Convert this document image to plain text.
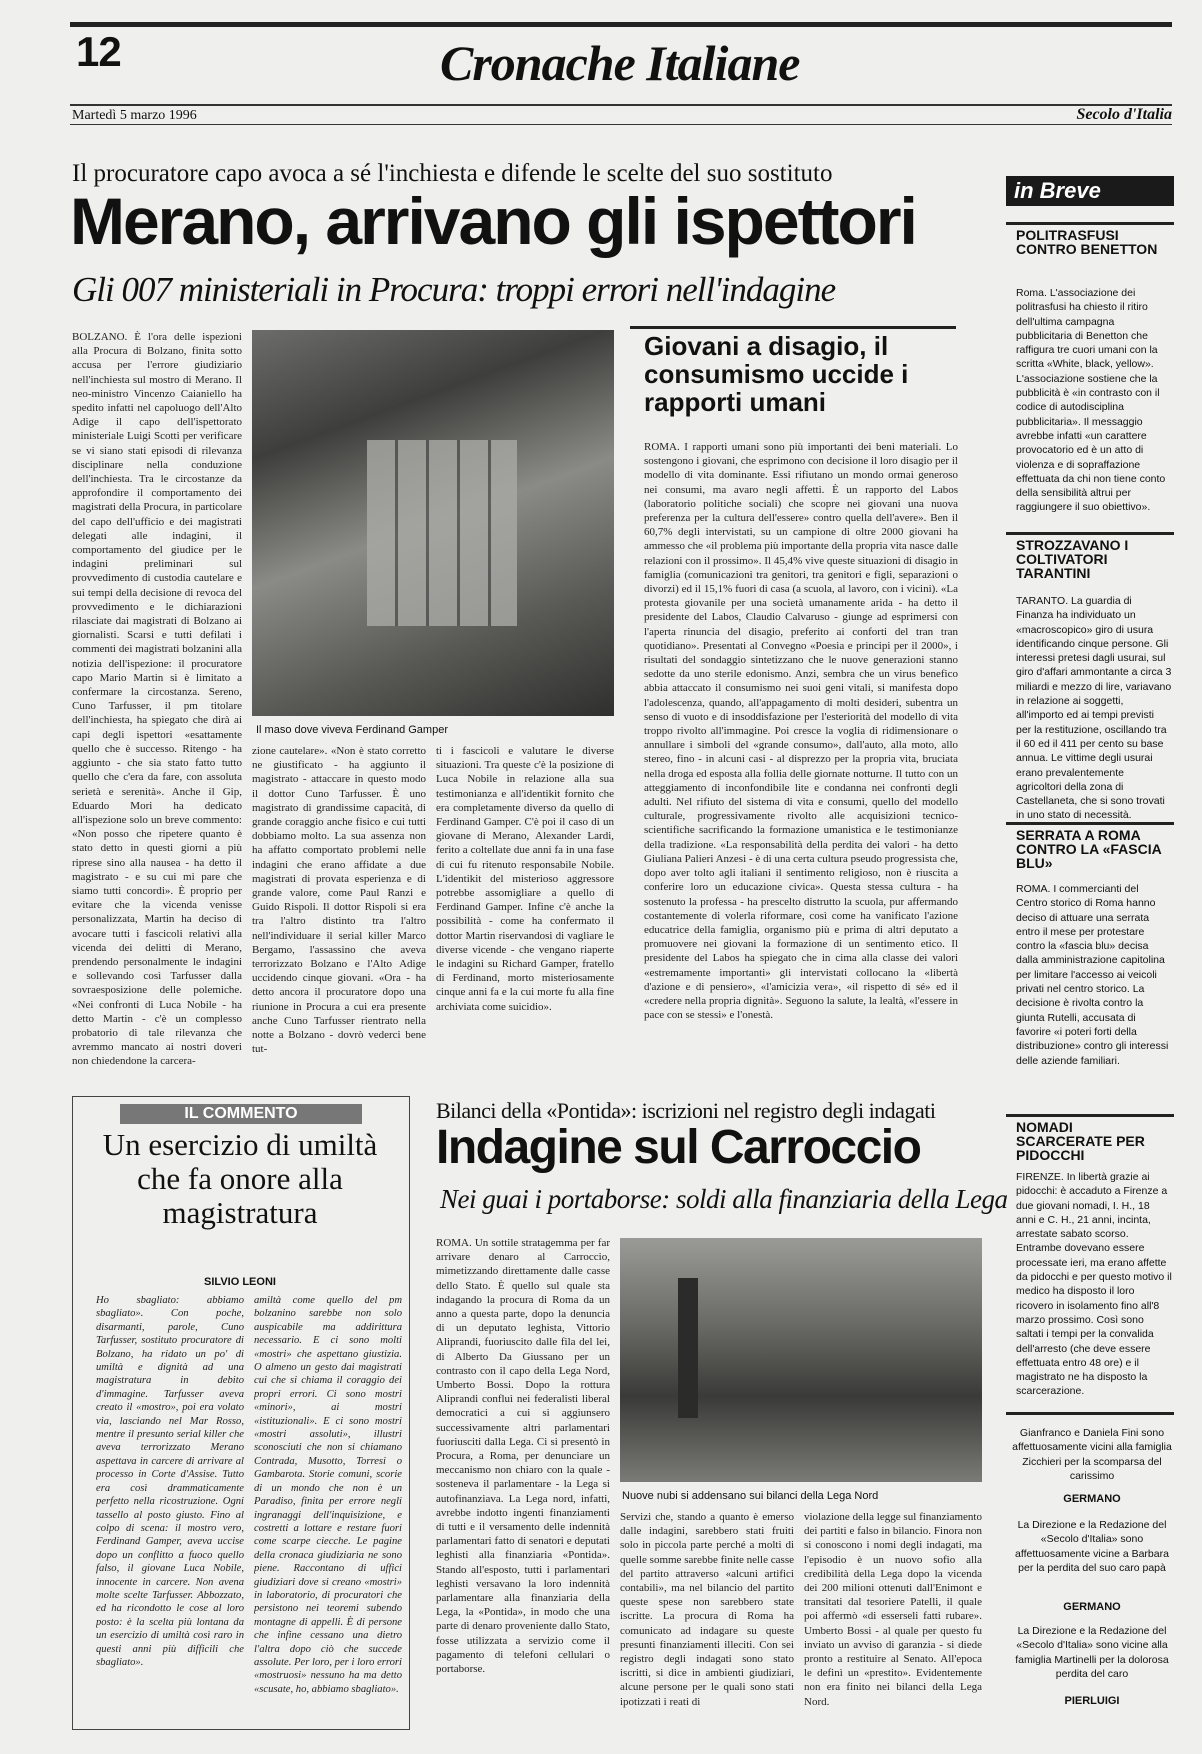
12	Cronache Italiane
Martedì 5 marzo 1996	Secolo d'Italia
Il procuratore capo avoca a sé l'inchiesta e difende le scelte del suo sostituto
Merano, arrivano gli ispettori
Gli 007 ministeriali in Procura: troppi errori nell'indagine
BOLZANO. È l'ora delle ispezioni alla Procura di Bolzano, finita sotto accusa per l'errore giudiziario nell'inchiesta sul mostro di Merano. Il neo-ministro Vincenzo Caianiello ha spedito infatti nel capoluogo dell'Alto Adige il capo dell'ispettorato ministeriale Luigi Scotti per verificare se vi siano stati episodi di rilevanza disciplinare nella conduzione dell'inchiesta. Tra le circostanze da approfondire il comportamento dei magistrati della Procura, in particolare del capo dell'ufficio e dei magistrati delegati alle indagini, il comportamento del giudice per le indagini preliminari sul provvedimento di custodia cautelare e sui tempi della decisione di revoca del provvedimento e le dichiarazioni rilasciate dai magistrati di Bolzano ai giornalisti. Scarsi e tutti defilati i commenti dei magistrati bolzanini alla notizia dell'ispezione: il procuratore capo Mario Martin si è limitato a confermare la circostanza. Sereno, Cuno Tarfusser, il pm titolare dell'inchiesta, ha spiegato che dirà ai capi degli ispettori «esattamente quello che è successo. Ritengo - ha aggiunto - che sia stato fatto tutto quello che c'era da fare, con assoluta serietà e serenità». Anche il Gip, Eduardo Mori ha dedicato all'ispezione solo un breve commento: «Non posso che ripetere quanto è stato detto in questi giorni a più riprese sino alla nausea - ha detto il magistrato - e su cui mi pare che siamo tutti concordi». È proprio per evitare che la vicenda venisse personalizzata, Martin ha deciso di avocare tutti i fascicoli relativi alla vicenda dei delitti di Merano, prendendo personalmente le indagini e sollevando così Tarfusser dalla sovraesposizione delle polemiche. «Nei confronti di Luca Nobile - ha detto Martin - c'è un complesso probatorio di tale rilevanza che avremmo mancato ai nostri doveri non chiedendone la carcera-
Il maso dove viveva Ferdinand Gamper
zione cautelare». «Non è stato corretto ne giustificato - ha aggiunto il magistrato - attaccare in questo modo il dottor Cuno Tarfusser. È uno magistrato di grandissime capacità, di grande coraggio anche fisico e cui tutti dobbiamo molto. La sua assenza non ha affatto comportato problemi nelle indagini che erano affidate a due magistrati di provata esperienza e di grande valore, come Paul Ranzi e Guido Rispoli. Il dottor Rispoli si era tra l'altro distinto tra l'altro nell'individuare il serial killer Marco Bergamo, l'assassino che aveva terrorizzato Bolzano e l'Alto Adige uccidendo cinque giovani. «Ora - ha detto ancora il procuratore dopo una riunione in Procura a cui era presente anche Cuno Tarfusser rientrato nella notte a Bolzano - dovrò vederci bene tut-
ti i fascicoli e valutare le diverse situazioni. Tra queste c'è la posizione di Luca Nobile in relazione alla sua testimonianza e all'identikit fornito che era completamente diverso da quello di Ferdinand Gamper. C'è poi il caso di un giovane di Merano, Alexander Lardi, ferito a coltellate due anni fa in una fase di cui fu ritenuto responsabile Nobile. L'identikit del misterioso aggressore potrebbe assomigliare a quello di Ferdinand Gamper. Infine c'è anche la possibilità - come ha confermato il dottor Martin riservandosi di vagliare le diverse vicende - che vengano riaperte le indagini su Richard Gamper, fratello di Ferdinand, morto misteriosamente cinque anni fa e la cui morte fu alla fine archiviata come suicidio».
Giovani a disagio, il consumismo uccide i rapporti umani
ROMA. I rapporti umani sono più importanti dei beni materiali. Lo sostengono i giovani, che esprimono con decisione il loro disagio per il modello di vita dominante. Essi rifiutano un mondo ormai generoso nei consumi, ma avaro negli affetti. È un rapporto del Labos (laboratorio politiche sociali) che scopre nei giovani una nuova preferenza per la cultura dell'essere» contro quella dell'avere». Ben il 60,7% degli intervistati, su un campione di oltre 2000 giovani ha ammesso che «il problema più importante della propria vita nasce dalle relazioni con il prossimo». Il 45,4% vive queste situazioni di disagio in famiglia (comunicazioni tra genitori, tra genitori e figli, separazioni o divorzi) ed il 15,1% fuori di casa (a scuola, al lavoro, con i vicini). «La protesta giovanile per una società umanamente arida - ha detto il presidente del Labos, Claudio Calvaruso - giunge ad esprimersi con l'aperta rinuncia del disagio, preferito ai conforti del tran tran quotidiano». Presentati al Convegno «Poesia e principi per il 2000», i risultati del sondaggio sintetizzano che le nuove generazioni stanno sedotte da uno sterile edonismo. Anzi, sembra che un virus benefico abbia attaccato il consumismo nei suoi geni vitali, si manifesta dopo l'adolescenza, quando, all'appagamento di molti desideri, subentra un senso di vuoto e di insoddisfazione per l'esteriorità del modello di vita troppo rivolto all'immagine. Poi cresce la voglia di ridimensionare o annullare i simboli del «grande consumo», dall'auto, alla moto, allo stereo, fino - in alcuni casi - al disprezzo per la propria vita, bruciata nella droga ed esposta alla follia delle giornate notturne. Il tutto con un atteggiamento di inconfondibile lite e condanna nei confronti degli adulti. Nel rifiuto del sistema di vita e consumi, quello del modello culturale, progressivamente rivolto alle acquisizioni tecnico-scientifiche sacrificando la formazione umanistica e le testimonianze della tradizione. «La responsabilità della perdita dei valori - ha detto Giuliana Palieri Anzesi - è di una certa cultura pseudo progressista che, dopo aver tolto agli italiani il sentimento religioso, non è riuscita a conferire loro un educazione civica». Questa stessa cultura - ha sostenuto la professa - ha prescelto distrutto la scuola, pur affermando costantemente di volerla riformare, così come ha vanificato l'azione educatrice della famiglia, organismo più e prima di altri deputato a promuovere nei giovani la formazione di un sentimento etico. Il presidente del Labos ha spiegato che in cima alla classe dei valori «estremamente importanti» gli intervistati collocano la «libertà d'azione e di pensiero», «l'amicizia vera», «il rispetto di sé» ed il «credere nella propria dignità». Seguono la salute, la lealtà, «l'essere in pace con se stessi» e l'onestà.
in Breve
POLITRASFUSI CONTRO BENETTON
Roma. L'associazione dei politrasfusi ha chiesto il ritiro dell'ultima campagna pubblicitaria di Benetton che raffigura tre cuori umani con la scritta «White, black, yellow». L'associazione sostiene che la pubblicità è «in contrasto con il codice di autodisciplina pubblicitaria». Il messaggio avrebbe infatti «un carattere provocatorio ed è un atto di violenza e di sopraffazione effettuata da chi non tiene conto della sensibilità altrui per raggiungere il suo obiettivo».
STROZZAVANO I COLTIVATORI TARANTINI
TARANTO. La guardia di Finanza ha individuato un «macroscopico» giro di usura identificando cinque persone. Gli interessi pretesi dagli usurai, sul giro d'affari ammontante a circa 3 miliardi e mezzo di lire, variavano in relazione ai soggetti, all'importo ed ai tempi previsti per la restituzione, oscillando tra il 60 ed il 411 per cento su base annua. Le vittime degli usurai erano prevalentemente agricoltori della zona di Castellaneta, che si sono trovati in uno stato di necessità.
SERRATA A ROMA CONTRO LA «FASCIA BLU»
ROMA. I commercianti del Centro storico di Roma hanno deciso di attuare una serrata entro il mese per protestare contro la «fascia blu» decisa dalla amministrazione capitolina per limitare l'accesso ai veicoli privati nel centro storico. La decisione è rivolta contro la giunta Rutelli, accusata di favorire «i poteri forti della distribuzione» contro gli interessi delle aziende familiari.
NOMADI SCARCERATE PER PIDOCCHI
FIRENZE. In libertà grazie ai pidocchi: è accaduto a Firenze a due giovani nomadi, I. H., 18 anni e C. H., 21 anni, incinta, arrestate sabato scorso. Entrambe dovevano essere processate ieri, ma erano affette da pidocchi e per questo motivo il medico ha disposto il loro ricovero in isolamento fino all'8 marzo prossimo. Così sono saltati i tempi per la convalida dell'arresto (che deve essere effettuata entro 48 ore) e il magistrato ne ha disposto la scarcerazione.
Gianfranco e Daniela Fini sono affettuosamente vicini alla famiglia Zicchieri per la scomparsa del carissimo
GERMANO
La Direzione e la Redazione del «Secolo d'Italia» sono affettuosamente vicine a Barbara per la perdita del suo caro papà
GERMANO
La Direzione e la Redazione del «Secolo d'Italia» sono vicine alla famiglia Martinelli per la dolorosa perdita del caro
PIERLUIGI
IL COMMENTO
Un esercizio di umiltà che fa onore alla magistratura
SILVIO LEONI
Ho sbagliato: abbiamo sbagliato». Con poche, disarmanti, parole, Cuno Tarfusser, sostituto procuratore di Bolzano, ha ridato un po' di umiltà e dignità ad una magistratura in debito d'immagine. Tarfusser aveva creato il «mostro», poi era volato via, lasciando nel Mar Rosso, mentre il presunto serial killer che aveva terrorizzato Merano aspettava in carcere di arrivare al processo in Corte d'Assise. Tutto era così drammaticamente perfetto nella ricostruzione. Ogni tassello al posto giusto. Fino al colpo di scena: il mostro vero, Ferdinand Gamper, aveva uccise dopo un conflitto a fuoco quello falso, il giovane Luca Nobile, innocente in carcere. Non avena molte scelte Tarfusser. Abbozzato, ed ha ricondotto le cose al loro posto: è la scelta più lontana da un esercizio di umiltà così raro in questi anni più difficili che sbagliato».
amiltà come quello del pm bolzanino sarebbe non solo auspicabile ma addirittura necessario. E ci sono molti «mostri» che aspettano giustizia. O almeno un gesto dai magistrati cui che si chiama il coraggio dei propri errori. Ci sono mostri «minori», ai mostri «istituzionali». E ci sono mostri «mostri assoluti», illustri sconosciuti che non si chiamano Contrada, Musotto, Torresi o Gambarota. Storie comuni, scorie di un mondo che non è un Paradiso, finita per errore negli ingranaggi dell'inquisizione, e costretti a lottare e restare fuori come scarpe ciecche. Le pagine della cronaca giudiziaria ne sono piene. Raccontano di uffici giudiziari dove si creano «mostri» in laboratorio, di procuratori che persistono nei teoremi subendo montagne di appelli. È di persone che infine cessano una dietro l'altra dopo ciò che succede assolute. Per loro, per i loro errori «mostruosi» nessuno ha ma detto «scusate, ho, abbiamo sbagliato».
Bilanci della «Pontida»: iscrizioni nel registro degli indagati
Indagine sul Carroccio
Nei guai i portaborse: soldi alla finanziaria della Lega
ROMA. Un sottile stratagemma per far arrivare denaro al Carroccio, mimetizzando direttamente dalle casse dello Stato. È quello sul quale sta indagando la procura di Roma da un anno a questa parte, dopo la denuncia di un deputato leghista, Vittorio Aliprandi, fuoriuscito dalle fila del lei, di Alberto Da Giussano per un contrasto con il capo della Lega Nord, Umberto Bossi. Dopo la rottura Aliprandi confluì nei federalisti liberal democratici a cui si aggiunsero successivamente altri parlamentari fuoriusciti dalla Lega. Ci si presentò in Procura, a Roma, per denunciare un meccanismo non chiaro con la quale - sosteneva il parlamentare - la Lega si autofinanziava. La Lega nord, infatti, avrebbe indotto ingenti finanziamenti di tutti e il versamento delle indennità parlamentari fatto di senatori e deputati leghisti alla finanziaria «Pontida». Stando all'esposto, tutti i parlamentari leghisti versavano la loro indennità parlamentare alla finanziaria della Lega, la «Pontida», in modo che una parte di denaro proveniente dallo Stato, fosse utilizzata a servizio come il pagamento di telefoni cellulari o portaborse.
Nuove nubi si addensano sui bilanci della Lega Nord
Servizi che, stando a quanto è emerso dalle indagini, sarebbero stati fruiti solo in piccola parte perché a molti di quelle somme sarebbe finite nelle casse del partito attraverso «alcuni artifici contabili», ma nel bilancio del partito queste spese non sarebbero state iscritte. La procura di Roma ha comunicato ad indagare su queste presunti finanziamenti illeciti. Con sei registro degli indagati sono stato iscritti, si dice in ambienti giudiziari, alcune persone per le quali sono stati ipotizzati i reati di
violazione della legge sul finanziamento dei partiti e falso in bilancio. Finora non si conoscono i nomi degli indagati, ma l'episodio è un nuovo sofio alla credibilità della Lega dopo la vicenda dei 200 milioni ottenuti dall'Enimont e transitati dal tesoriere Patelli, il quale poi affermò «di esserseli fatti rubare». Umberto Bossi - al quale per questo fu inviato un avviso di garanzia - si diede pronto a restituire al Senato. All'epoca le definì un «prestito». Evidentemente non era finito nei bilanci della Lega Nord.
